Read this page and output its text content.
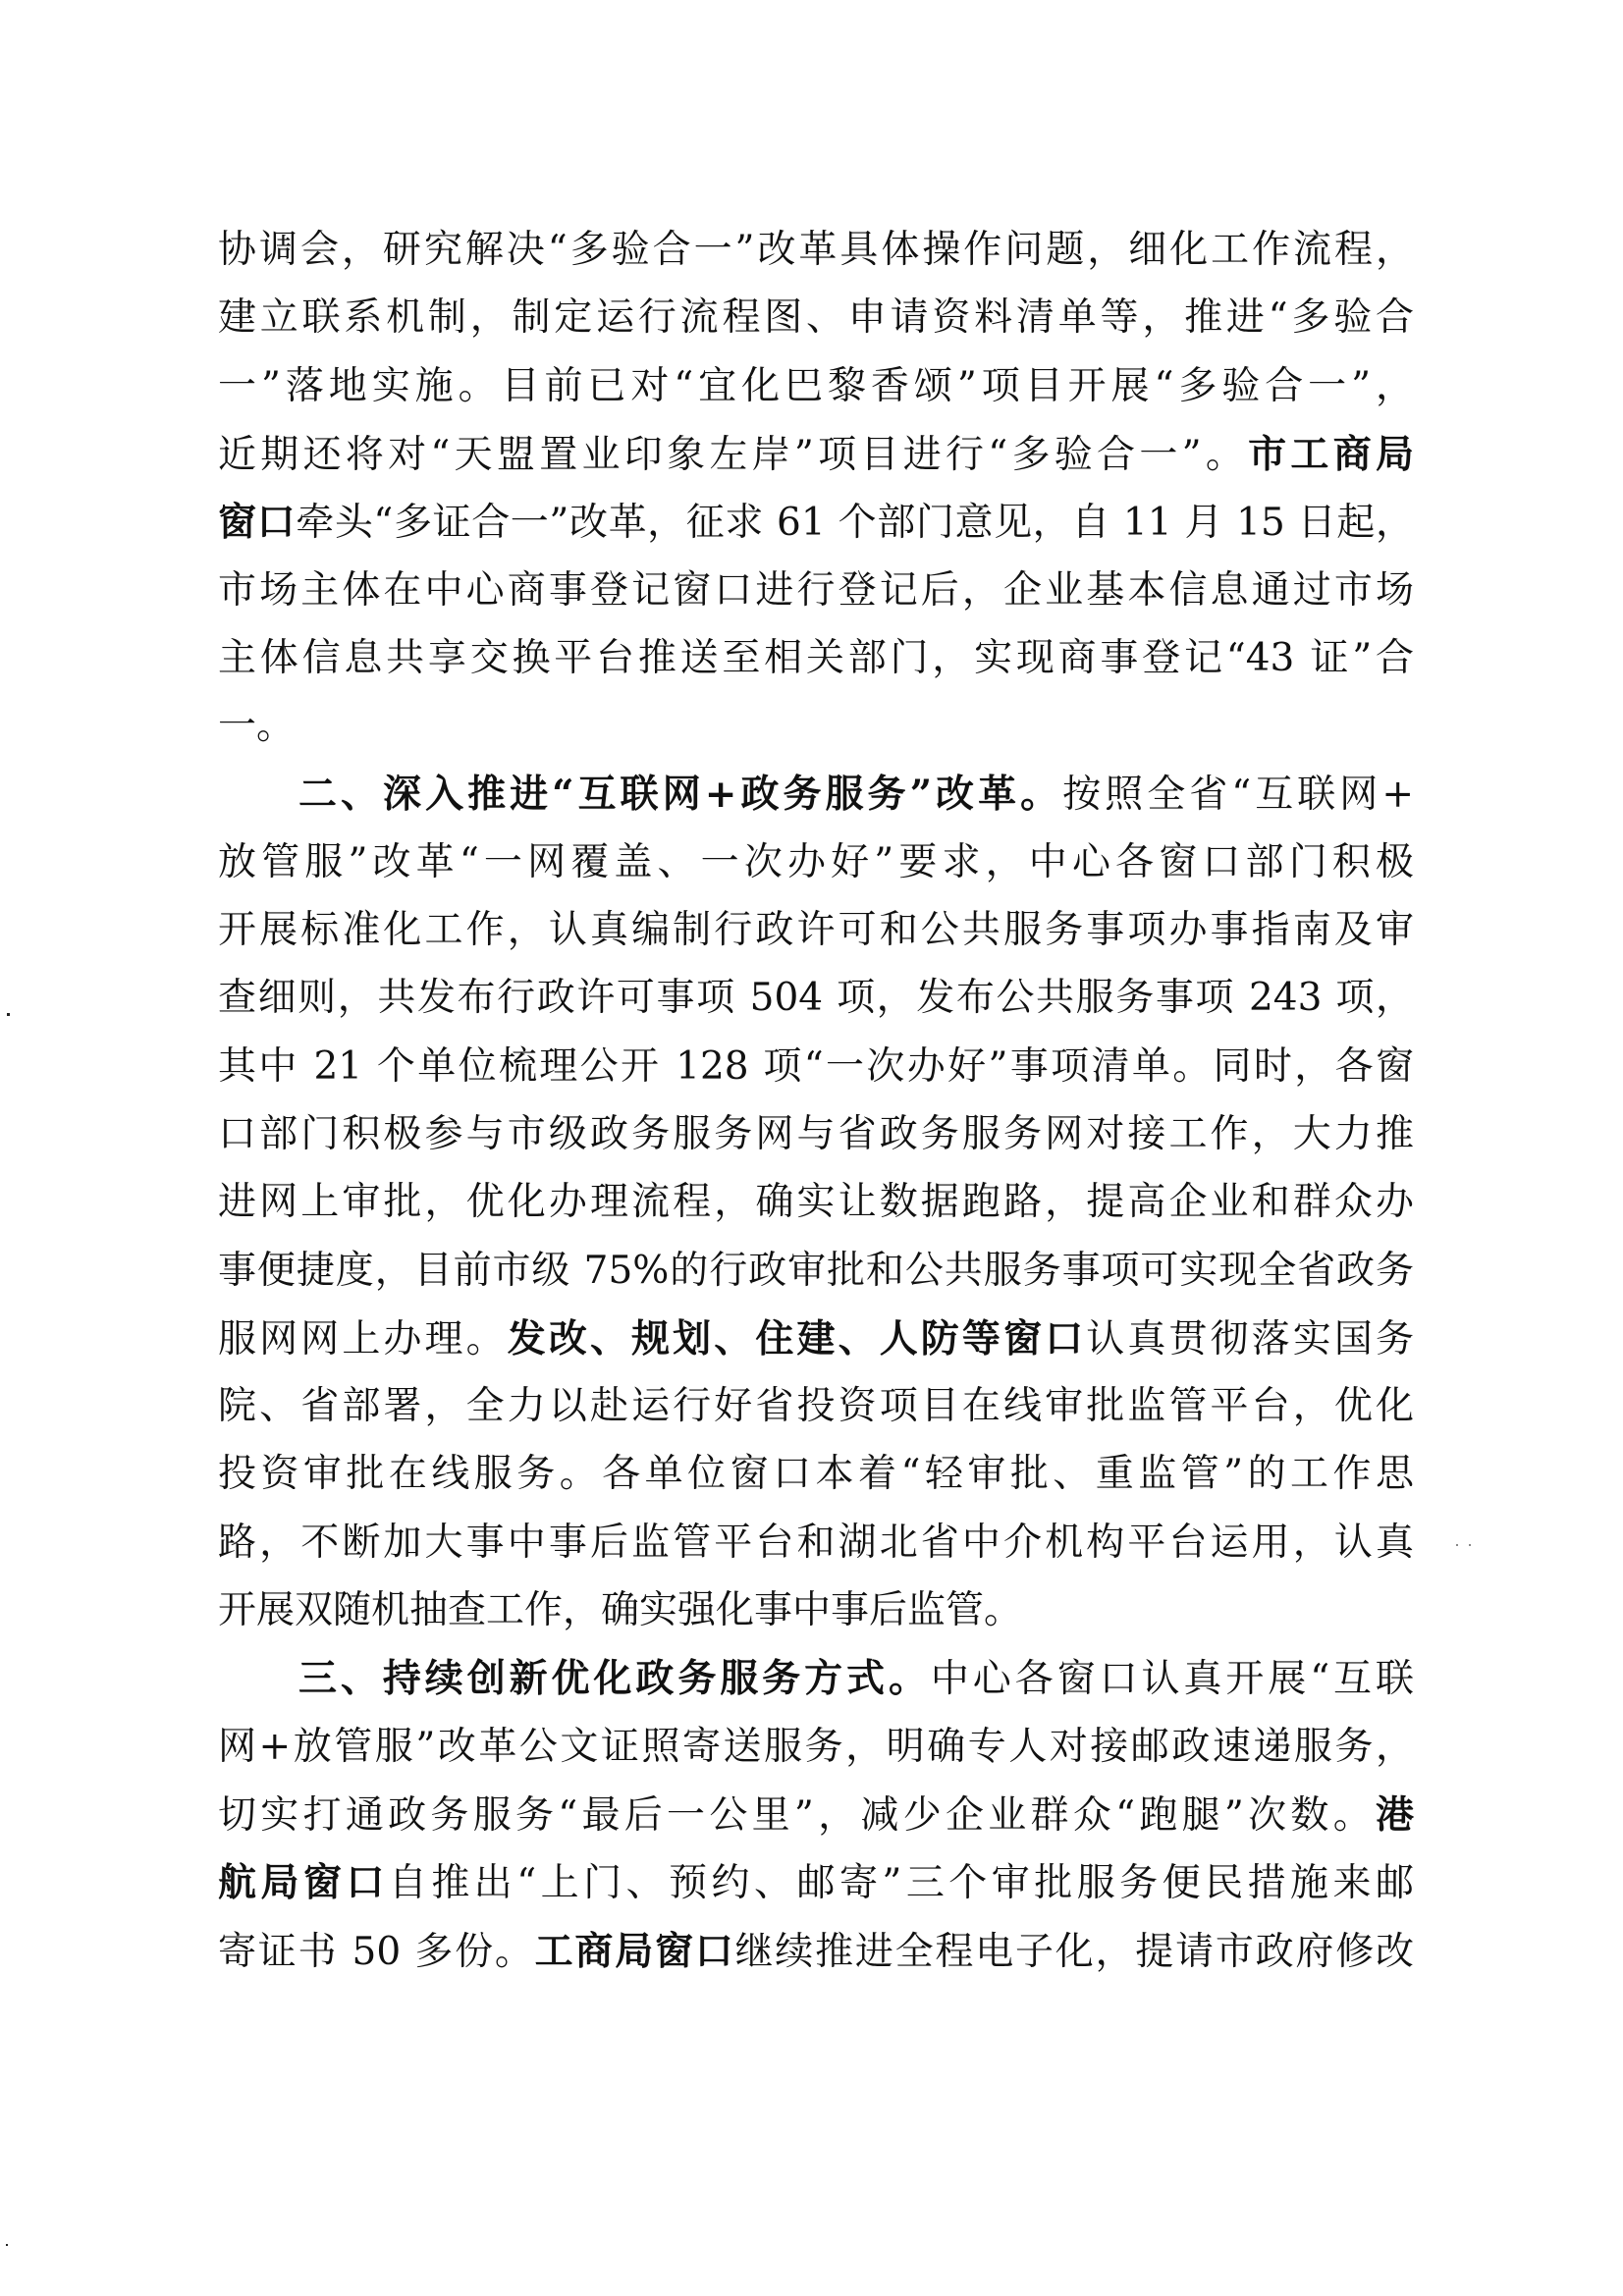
协调会，研究解决“多验合一”改革具体操作问题，细化工作流程，
建立联系机制，制定运行流程图、申请资料清单等，推进“多验合
一”落地实施。目前已对“宜化巴黎香颂”项目开展“多验合一”，
近期还将对“天盟置业印象左岸”项目进行“多验合一”。市工商局
窗口牵头“多证合一”改革，征求 61 个部门意见，自 11 月 15 日起，
市场主体在中心商事登记窗口进行登记后，企业基本信息通过市场
主体信息共享交换平台推送至相关部门，实现商事登记“43 证”合
一。
二、深入推进“互联网+政务服务”改革。按照全省“互联网+
放管服”改革“一网覆盖、一次办好”要求，中心各窗口部门积极
开展标准化工作，认真编制行政许可和公共服务事项办事指南及审
查细则，共发布行政许可事项 504 项，发布公共服务事项 243 项，
其中 21 个单位梳理公开 128 项“一次办好”事项清单。同时，各窗
口部门积极参与市级政务服务网与省政务服务网对接工作，大力推
进网上审批，优化办理流程，确实让数据跑路，提高企业和群众办
事便捷度，目前市级 75%的行政审批和公共服务事项可实现全省政务
服网网上办理。发改、规划、住建、人防等窗口认真贯彻落实国务
院、省部署，全力以赴运行好省投资项目在线审批监管平台，优化
投资审批在线服务。各单位窗口本着“轻审批、重监管”的工作思
路，不断加大事中事后监管平台和湖北省中介机构平台运用，认真
开展双随机抽查工作，确实强化事中事后监管。
三、持续创新优化政务服务方式。中心各窗口认真开展“互联
网+放管服”改革公文证照寄送服务，明确专人对接邮政速递服务，
切实打通政务服务“最后一公里”，减少企业群众“跑腿”次数。港
航局窗口自推出“上门、预约、邮寄”三个审批服务便民措施来邮
寄证书 50 多份。工商局窗口继续推进全程电子化，提请市政府修改
